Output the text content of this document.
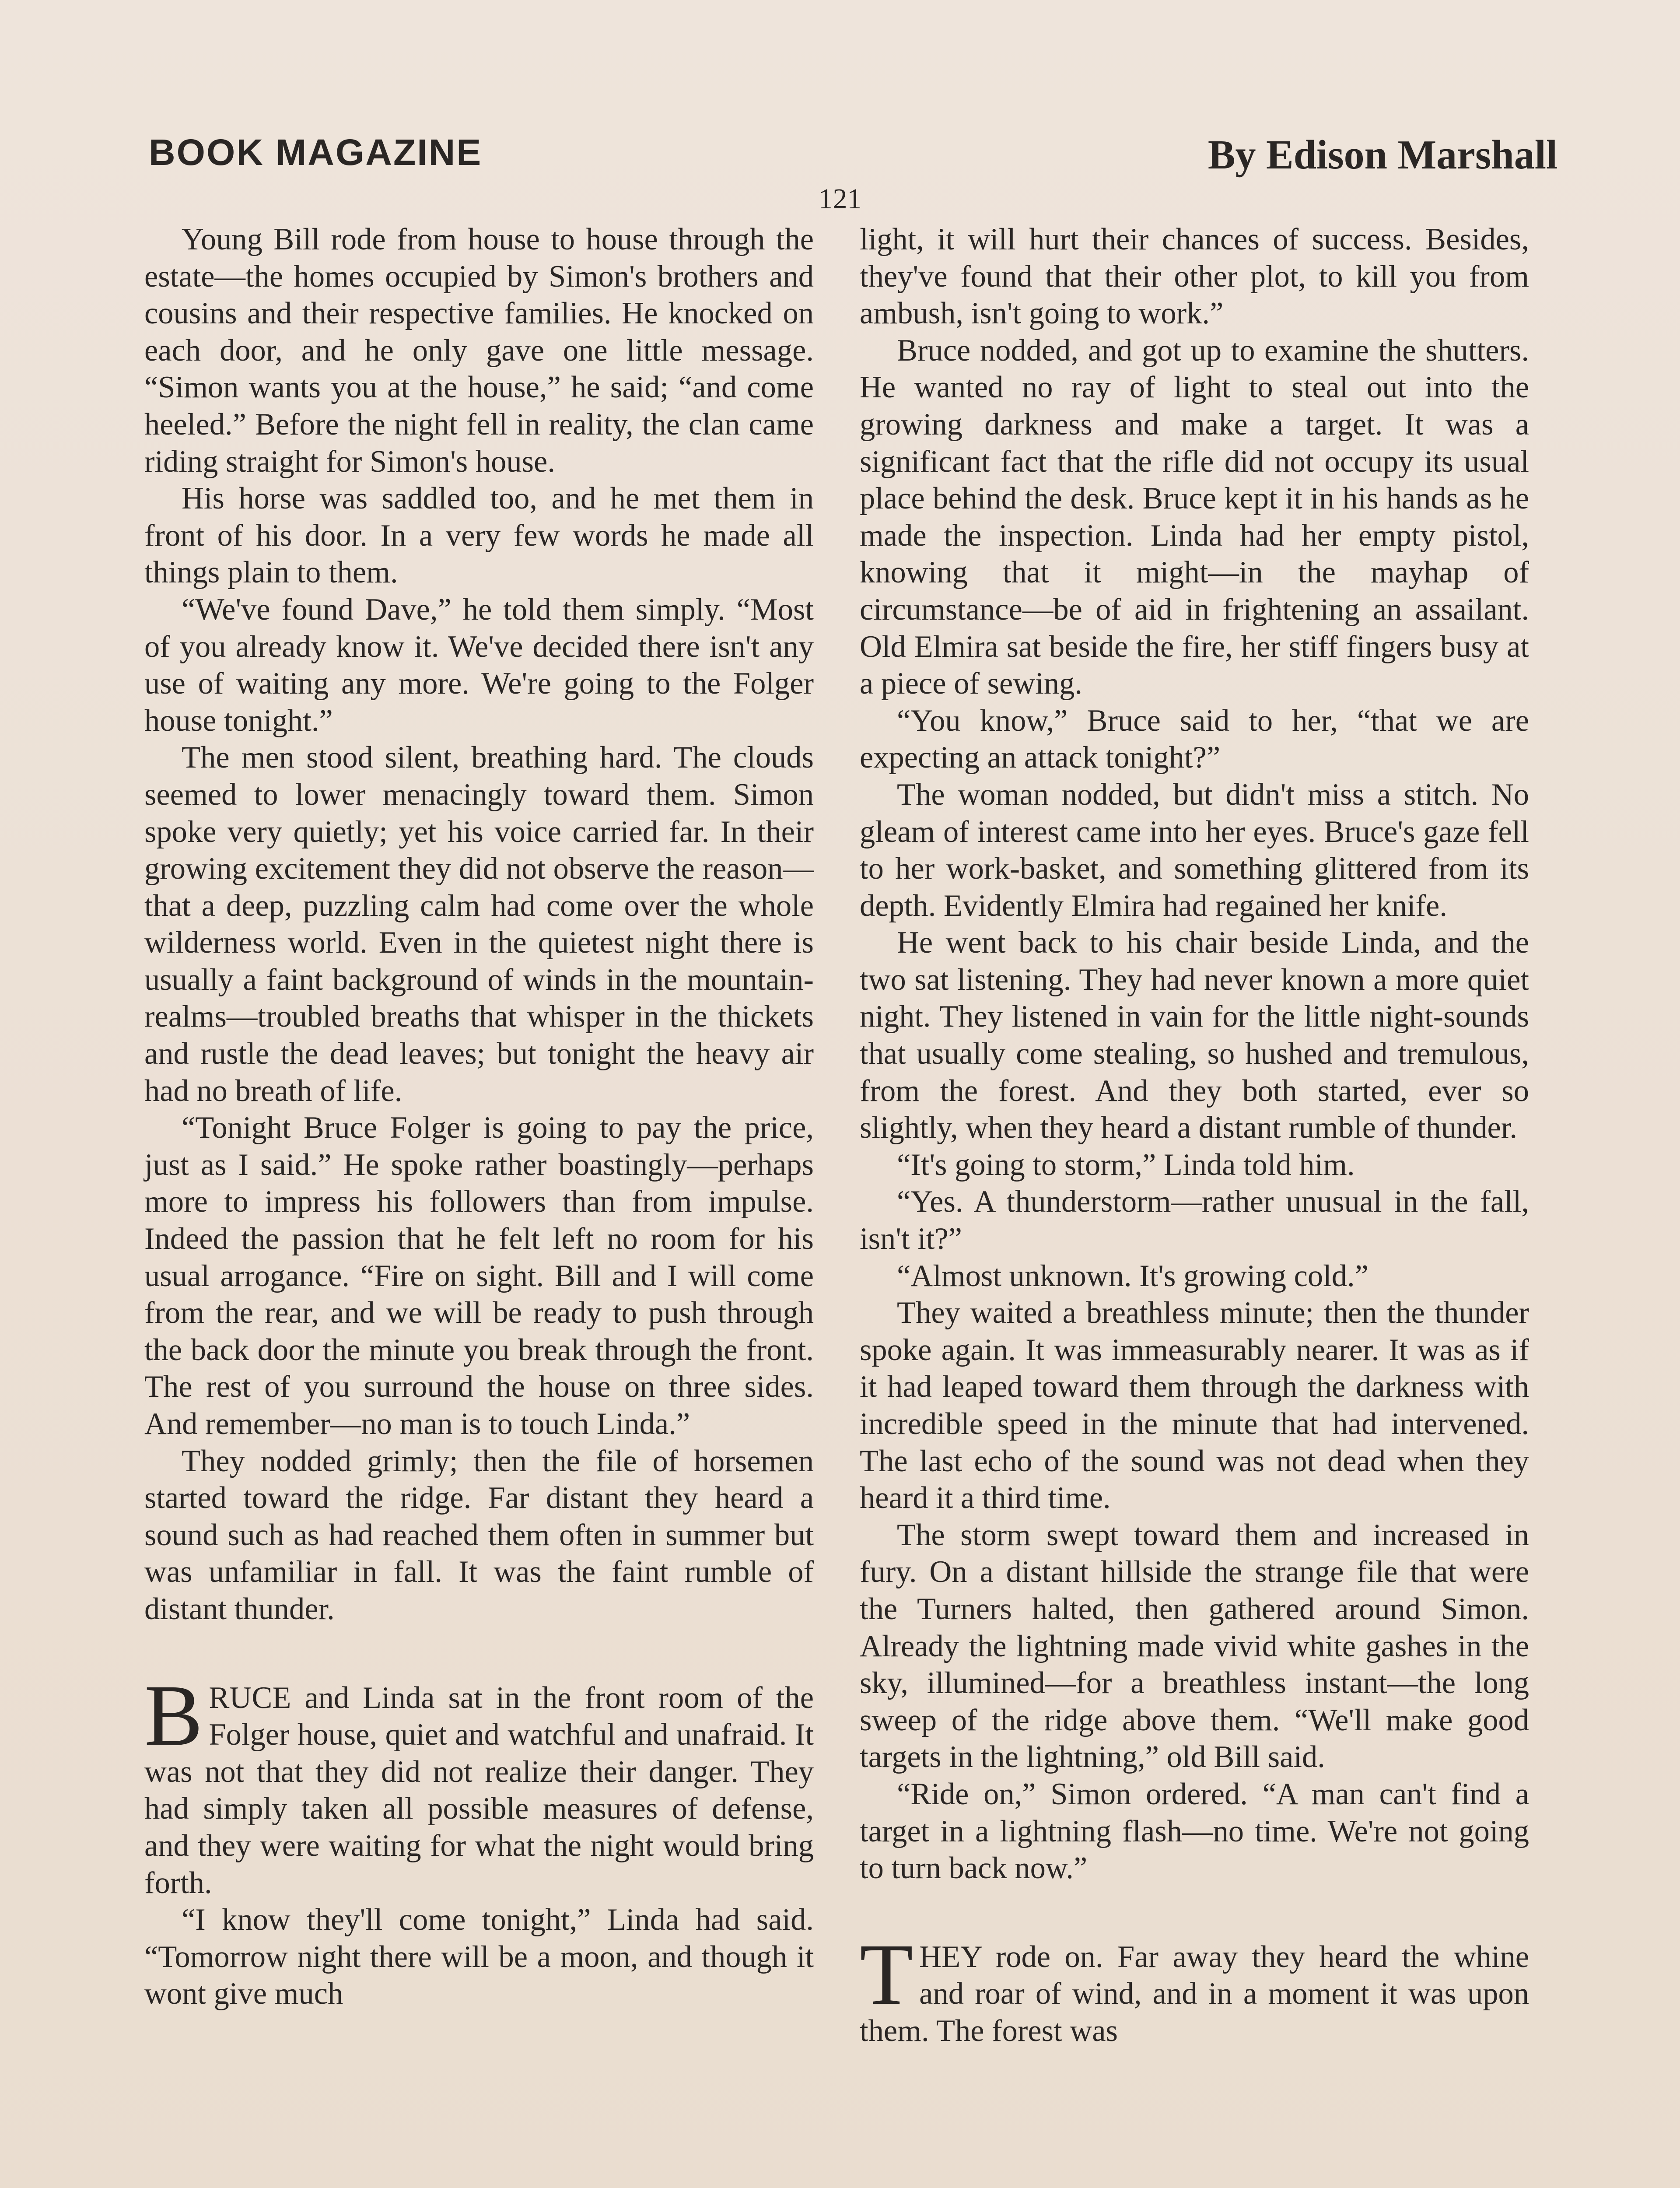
BOOK MAGAZINE	By Edison Marshall
121

Young Bill rode from house to house through the estate—the homes occupied by Simon's brothers and cousins and their respective families. He knocked on each door, and he only gave one little message. “Simon wants you at the house,” he said; “and come heeled.” Before the night fell in reality, the clan came riding straight for Simon's house.

His horse was saddled too, and he met them in front of his door. In a very few words he made all things plain to them.

“We've found Dave,” he told them simply. “Most of you already know it. We've decided there isn't any use of waiting any more. We're going to the Folger house tonight.”

The men stood silent, breathing hard. The clouds seemed to lower menacingly toward them. Simon spoke very quietly; yet his voice carried far. In their growing excitement they did not observe the reason—that a deep, puzzling calm had come over the whole wilderness world. Even in the quietest night there is usually a faint background of winds in the mountain-realms—troubled breaths that whisper in the thickets and rustle the dead leaves; but tonight the heavy air had no breath of life.

“Tonight Bruce Folger is going to pay the price, just as I said.” He spoke rather boastingly—perhaps more to impress his followers than from impulse. Indeed the passion that he felt left no room for his usual arrogance. “Fire on sight. Bill and I will come from the rear, and we will be ready to push through the back door the minute you break through the front. The rest of you surround the house on three sides. And remember—no man is to touch Linda.”

They nodded grimly; then the file of horsemen started toward the ridge. Far distant they heard a sound such as had reached them often in summer but was unfamiliar in fall. It was the faint rumble of distant thunder.

BRUCE and Linda sat in the front room of the Folger house, quiet and watchful and unafraid. It was not that they did not realize their danger. They had simply taken all possible measures of defense, and they were waiting for what the night would bring forth.

“I know they'll come tonight,” Linda had said. “Tomorrow night there will be a moon, and though it wont give much

light, it will hurt their chances of success. Besides, they've found that their other plot, to kill you from ambush, isn't going to work.”

Bruce nodded, and got up to examine the shutters. He wanted no ray of light to steal out into the growing darkness and make a target. It was a significant fact that the rifle did not occupy its usual place behind the desk. Bruce kept it in his hands as he made the inspection. Linda had her empty pistol, knowing that it might—in the mayhap of circumstance—be of aid in frightening an assailant. Old Elmira sat beside the fire, her stiff fingers busy at a piece of sewing.

“You know,” Bruce said to her, “that we are expecting an attack tonight?”

The woman nodded, but didn't miss a stitch. No gleam of interest came into her eyes. Bruce's gaze fell to her work-basket, and something glittered from its depth. Evidently Elmira had regained her knife.

He went back to his chair beside Linda, and the two sat listening. They had never known a more quiet night. They listened in vain for the little night-sounds that usually come stealing, so hushed and tremulous, from the forest. And they both started, ever so slightly, when they heard a distant rumble of thunder.

“It's going to storm,” Linda told him.

“Yes. A thunderstorm—rather unusual in the fall, isn't it?”

“Almost unknown. It's growing cold.”

They waited a breathless minute; then the thunder spoke again. It was immeasurably nearer. It was as if it had leaped toward them through the darkness with incredible speed in the minute that had intervened. The last echo of the sound was not dead when they heard it a third time.

The storm swept toward them and increased in fury. On a distant hillside the strange file that were the Turners halted, then gathered around Simon. Already the lightning made vivid white gashes in the sky, illumined—for a breathless instant—the long sweep of the ridge above them. “We'll make good targets in the lightning,” old Bill said.

“Ride on,” Simon ordered. “A man can't find a target in a lightning flash—no time. We're not going to turn back now.”

THEY rode on. Far away they heard the whine and roar of wind, and in a moment it was upon them. The forest was
